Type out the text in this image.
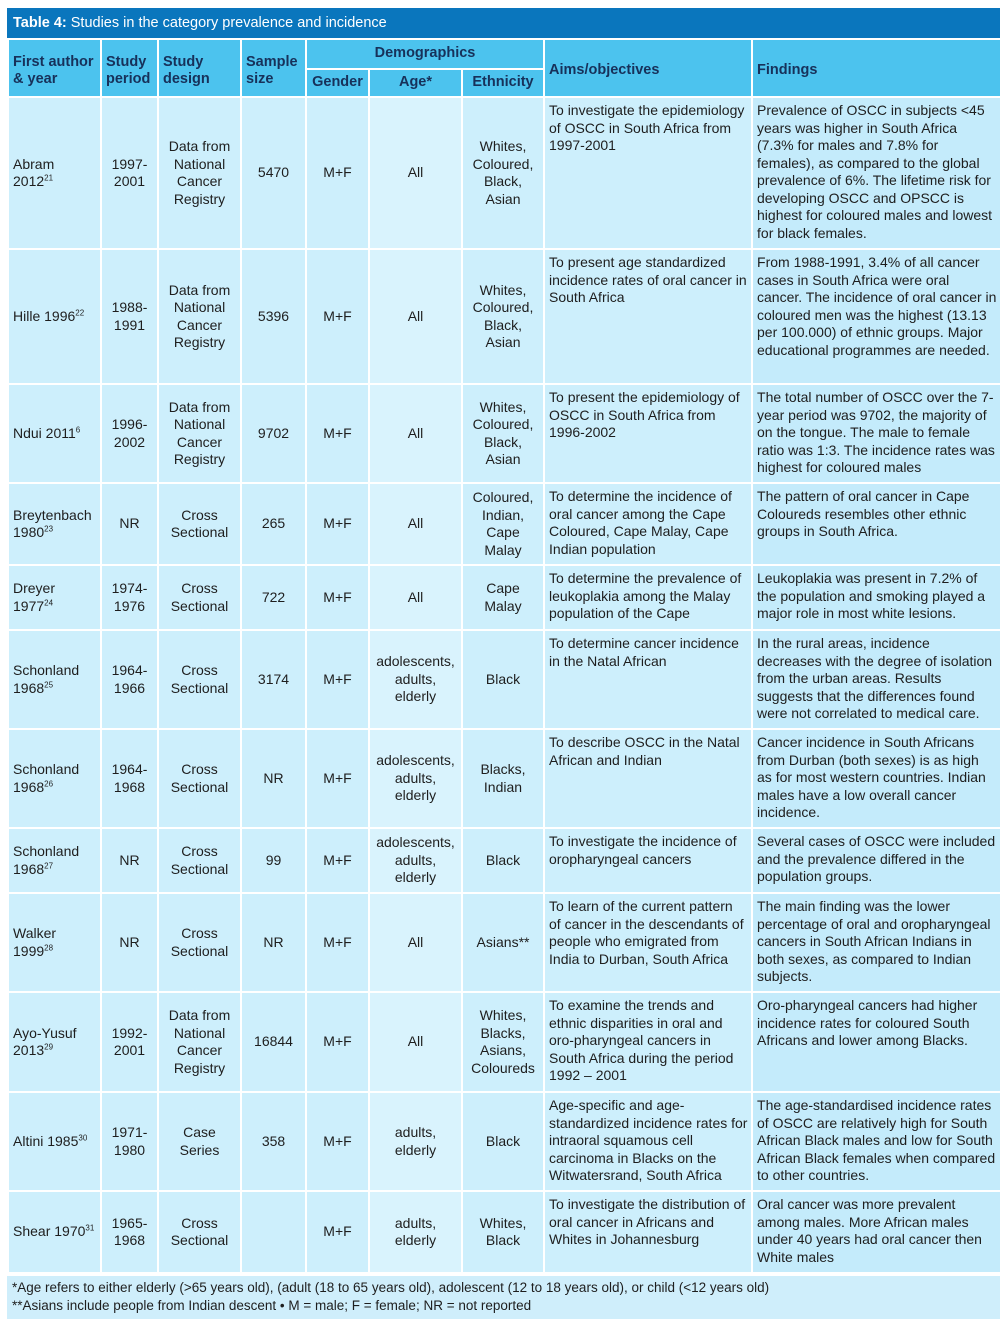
Table 4: Studies in the category prevalence and incidence
First author & year	Study period	Study design	Sample size	Demographics			Aims/objectives	Findings
				Gender	Age*	Ethnicity		
Abram 2012$^{21}$	1997-2001	Data from National Cancer Registry	5470	M+F	All	Whites, Coloured, Black, Asian	To investigate the epidemiology of OSCC in South Africa from 1997-2001	Prevalence of OSCC in subjects <45 years was higher in South Africa (7.3% for males and 7.8% for females), as compared to the global prevalence of 6%. The lifetime risk for developing OSCC and OPSCC is highest for coloured males and lowest for black females.
Hille 1996$^{22}$	1988-1991	Data from National Cancer Registry	5396	M+F	All	Whites, Coloured, Black, Asian	To present age standardized incidence rates of oral cancer in South Africa	From 1988-1991, 3.4% of all cancer cases in South Africa were oral cancer. The incidence of oral cancer in coloured men was the highest (13.13 per 100.000) of ethnic groups. Major educational programmes are needed.
Ndui 2011$^6$	1996-2002	Data from National Cancer Registry	9702	M+F	All	Whites, Coloured, Black, Asian	To present the epidemiology of OSCC in South Africa from 1996-2002	The total number of OSCC over the 7-year period was 9702, the majority of on the tongue. The male to female ratio was 1:3. The incidence rates was highest for coloured males
Breytenbach 1980$^{23}$	NR	Cross Sectional	265	M+F	All	Coloured, Indian, Cape Malay	To determine the incidence of oral cancer among the Cape Coloured, Cape Malay, Cape Indian population	The pattern of oral cancer in Cape Coloureds resembles other ethnic groups in South Africa.
Dreyer 1977$^{24}$	1974-1976	Cross Sectional	722	M+F	All	Cape Malay	To determine the prevalence of leukoplakia among the Malay population of the Cape	Leukoplakia was present in 7.2% of the population and smoking played a major role in most white lesions.
Schonland 1968$^{25}$	1964-1966	Cross Sectional	3174	M+F	adolescents, adults, elderly	Black	To determine cancer incidence in the Natal African	In the rural areas, incidence decreases with the degree of isolation from the urban areas. Results suggests that the differences found were not correlated to medical care.
Schonland 1968$^{26}$	1964-1968	Cross Sectional	NR	M+F	adolescents, adults, elderly	Blacks, Indian	To describe OSCC in the Natal African and Indian	Cancer incidence in South Africans from Durban (both sexes) is as high as for most western countries. Indian males have a low overall cancer incidence.
Schonland 1968$^{27}$	NR	Cross Sectional	99	M+F	adolescents, adults, elderly	Black	To investigate the incidence of oropharyngeal cancers	Several cases of OSCC were included and the prevalence differed in the population groups.
Walker 1999$^{28}$	NR	Cross Sectional	NR	M+F	All	Asians**	To learn of the current pattern of cancer in the descendants of people who emigrated from India to Durban, South Africa	The main finding was the lower percentage of oral and oropharyngeal cancers in South African Indians in both sexes, as compared to Indian subjects.
Ayo-Yusuf 2013$^{29}$	1992-2001	Data from National Cancer Registry	16844	M+F	All	Whites, Blacks, Asians, Coloureds	To examine the trends and ethnic disparities in oral and oro-pharyngeal cancers in South Africa during the period 1992 – 2001	Oro-pharyngeal cancers had higher incidence rates for coloured South Africans and lower among Blacks.
Altini 1985$^{30}$	1971-1980	Case Series	358	M+F	adults, elderly	Black	Age-specific and age-standardized incidence rates for intraoral squamous cell carcinoma in Blacks on the Witwatersrand, South Africa	The age-standardised incidence rates of OSCC are relatively high for South African Black males and low for South African Black females when compared to other countries.
Shear 1970$^{31}$	1965-1968	Cross Sectional		M+F	adults, elderly	Whites, Black	To investigate the distribution of oral cancer in Africans and Whites in Johannesburg	Oral cancer was more prevalent among males. More African males under 40 years had oral cancer then White males
*Age refers to either elderly (>65 years old), (adult (18 to 65 years old), adolescent (12 to 18 years old), or child (<12 years old)
**Asians include people from Indian descent • M = male; F = female; NR = not reported
